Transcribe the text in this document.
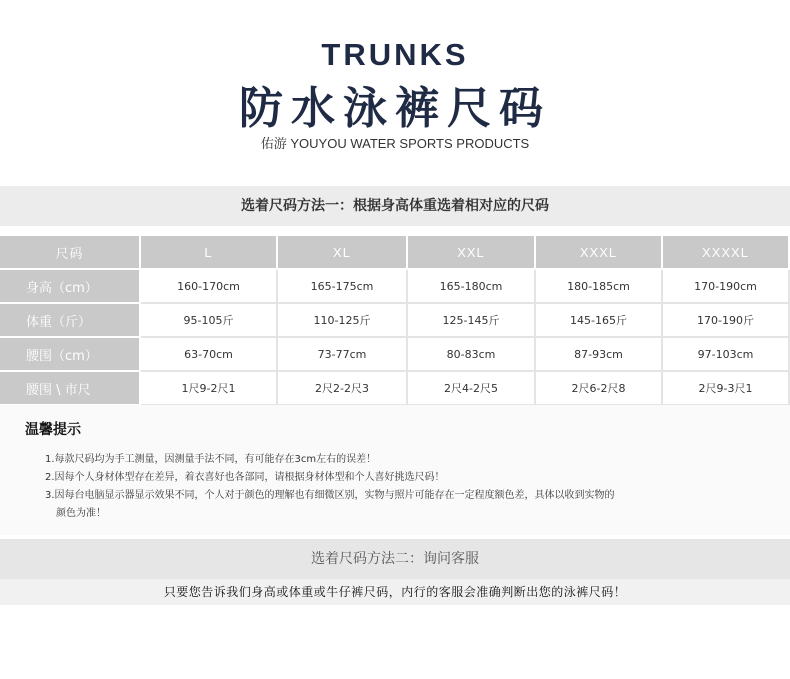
TRUNKS
防水泳裤尺码
佑游 YOUYOU WATER SPORTS PRODUCTS
选着尺码方法一：根据身高体重选着相对应的尺码
尺码	L	XL	XXL	XXXL	XXXXL
身高（cm）	160-170cm	165-175cm	165-180cm	180-185cm	170-190cm
体重（斤）	95-105斤	110-125斤	125-145斤	145-165斤	170-190斤
腰围（cm）	63-70cm	73-77cm	80-83cm	87-93cm	97-103cm
腰围 \ 市尺	1尺9-2尺1	2尺2-2尺3	2尺4-2尺5	2尺6-2尺8	2尺9-3尺1
温馨提示
1.每款尺码均为手工测量，因测量手法不同，有可能存在3cm左右的误差！
2.因每个人身材体型存在差异，着衣喜好也各部同，请根据身材体型和个人喜好挑选尺码！
3.因每台电脑显示器显示效果不同，个人对于颜色的理解也有细微区别，实物与照片可能存在一定程度额色差，具体以收到实物的
颜色为准！
选着尺码方法二：询问客服
只要您告诉我们身高或体重或牛仔裤尺码，内行的客服会准确判断出您的泳裤尺码！
